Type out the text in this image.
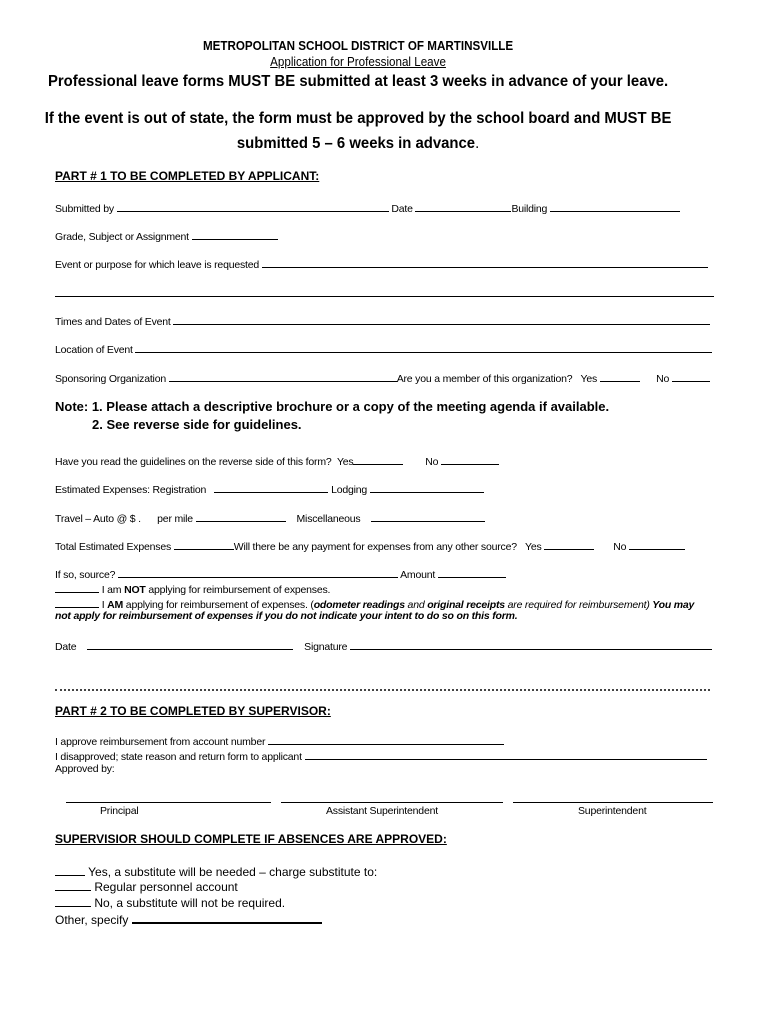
METROPOLITAN SCHOOL DISTRICT OF MARTINSVILLE
Application for Professional Leave
Professional leave forms MUST BE submitted at least 3 weeks in advance of your leave.
If the event is out of state, the form must be approved by the school board and MUST BE
submitted 5 – 6 weeks in advance.
PART # 1 TO BE COMPLETED BY APPLICANT:
Submitted by	Date	Building
Grade, Subject or Assignment
Event or purpose for which leave is requested
Times and Dates of Event
Location of Event
Sponsoring Organization	Are you a member of this organization? Yes	No
Note: 1. Please attach a descriptive brochure or a copy of the meeting agenda if available.
2. See reverse side for guidelines.
Have you read the guidelines on the reverse side of this form? Yes	No
Estimated Expenses: Registration	Lodging
Travel – Auto @ $ . per mile	Miscellaneous
Total Estimated Expenses	Will there be any payment for expenses from any other source? Yes	No
If so, source?	Amount
I am NOT applying for reimbursement of expenses.
I AM applying for reimbursement of expenses. (odometer readings and original receipts are required for reimbursement) You may
not apply for reimbursement of expenses if you do not indicate your intent to do so on this form.
Date	Signature
PART # 2 TO BE COMPLETED BY SUPERVISOR:
I approve reimbursement from account number
I disapproved; state reason and return form to applicant
Approved by:
Principal	Assistant Superintendent	Superintendent
SUPERVISIOR SHOULD COMPLETE IF ABSENCES ARE APPROVED:
Yes, a substitute will be needed – charge substitute to:
Regular personnel account
No, a substitute will not be required.
Other, specify
